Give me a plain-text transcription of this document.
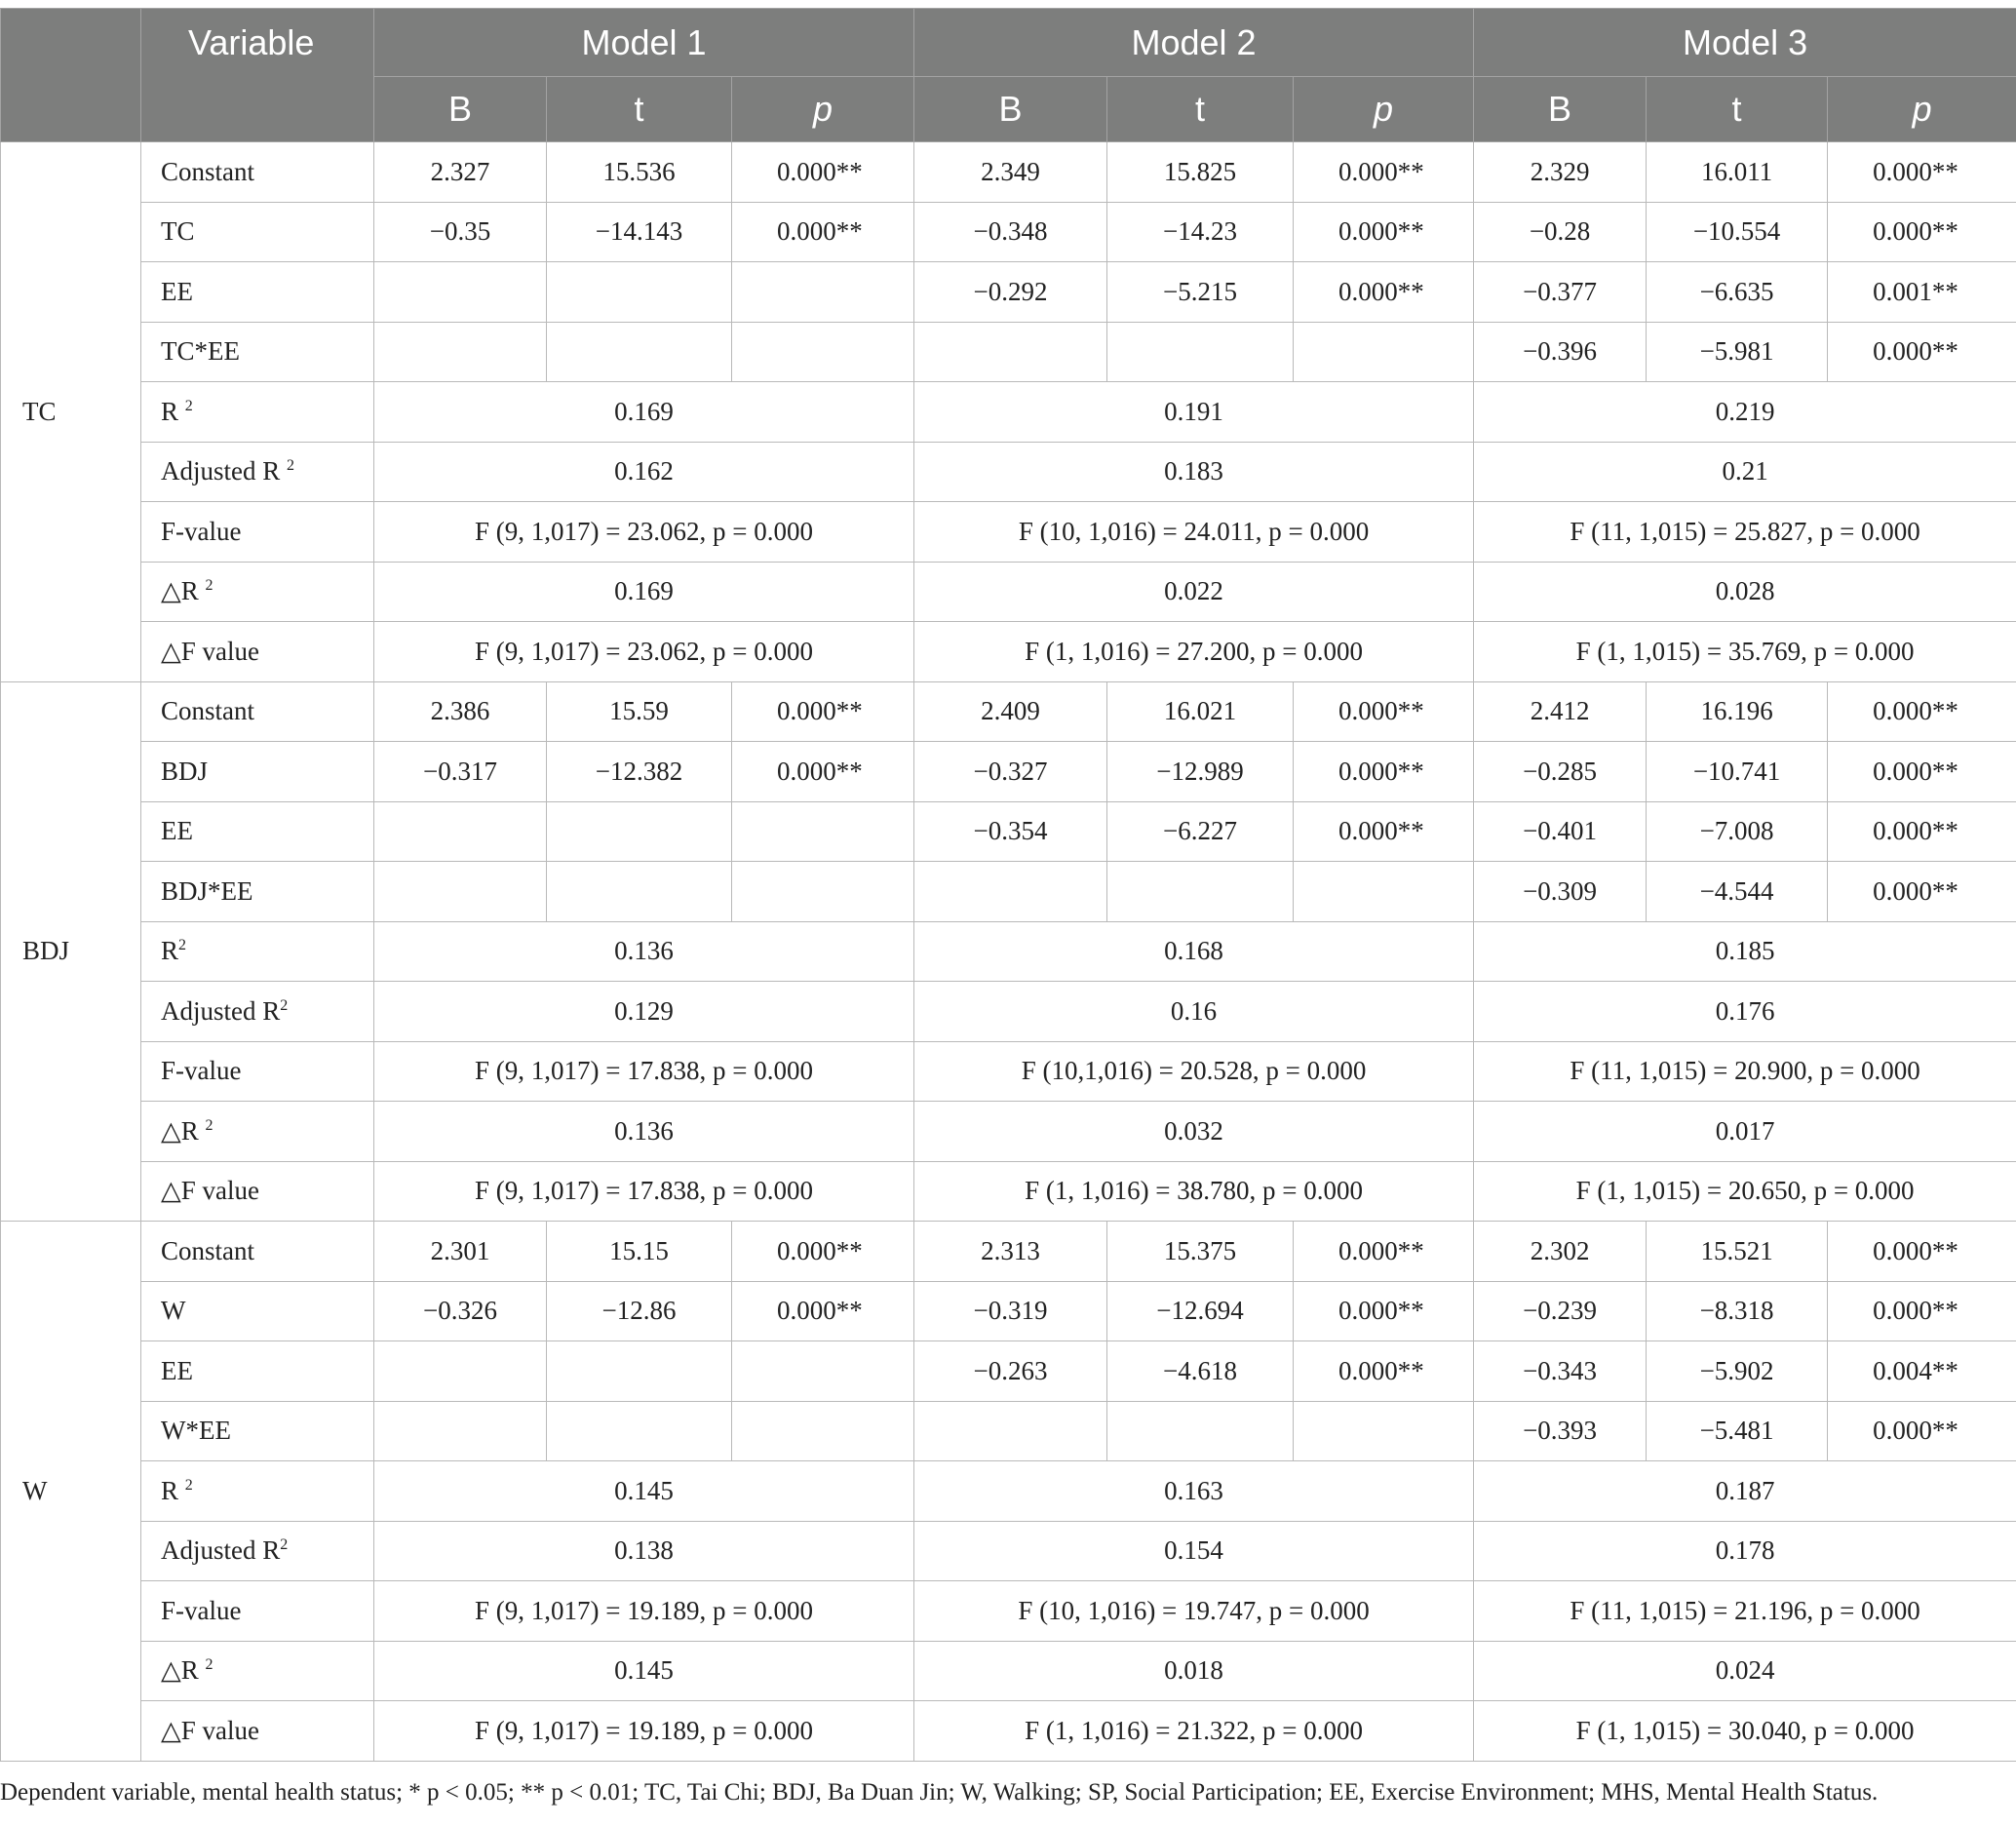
	Variable	Model 1			Model 2			Model 3		
		B	t	p	B	t	p	B	t	p
TC	Constant	2.327	15.536	0.000**	2.349	15.825	0.000**	2.329	16.011	0.000**
	TC	−0.35	−14.143	0.000**	−0.348	−14.23	0.000**	−0.28	−10.554	0.000**
	EE				−0.292	−5.215	0.000**	−0.377	−6.635	0.001**
	TC*EE							−0.396	−5.981	0.000**
	R $^2$	0.169			0.191			0.219		
	Adjusted R $^2$	0.162			0.183			0.21		
	F-value	F (9, 1,017) = 23.062, p = 0.000			F (10, 1,016) = 24.011, p = 0.000			F (11, 1,015) = 25.827, p = 0.000		
	△R $^2$	0.169			0.022			0.028		
	△F value	F (9, 1,017) = 23.062, p = 0.000			F (1, 1,016) = 27.200, p = 0.000			F (1, 1,015) = 35.769, p = 0.000		
BDJ	Constant	2.386	15.59	0.000**	2.409	16.021	0.000**	2.412	16.196	0.000**
	BDJ	−0.317	−12.382	0.000**	−0.327	−12.989	0.000**	−0.285	−10.741	0.000**
	EE				−0.354	−6.227	0.000**	−0.401	−7.008	0.000**
	BDJ*EE							−0.309	−4.544	0.000**
	$R^2$	0.136			0.168			0.185		
	Adjusted $R^2$	0.129			0.16			0.176		
	F-value	F (9, 1,017) = 17.838, p = 0.000			F (10,1,016) = 20.528, p = 0.000			F (11, 1,015) = 20.900, p = 0.000		
	△R $^2$	0.136			0.032			0.017		
	△F value	F (9, 1,017) = 17.838, p = 0.000			F (1, 1,016) = 38.780, p = 0.000			F (1, 1,015) = 20.650, p = 0.000		
W	Constant	2.301	15.15	0.000**	2.313	15.375	0.000**	2.302	15.521	0.000**
	W	−0.326	−12.86	0.000**	−0.319	−12.694	0.000**	−0.239	−8.318	0.000**
	EE				−0.263	−4.618	0.000**	−0.343	−5.902	0.004**
	W*EE							−0.393	−5.481	0.000**
	R $^2$	0.145			0.163			0.187		
	Adjusted $R^2$	0.138			0.154			0.178		
	F-value	F (9, 1,017) = 19.189, p = 0.000			F (10, 1,016) = 19.747, p = 0.000			F (11, 1,015) = 21.196, p = 0.000		
	△R $^2$	0.145			0.018			0.024		
	△F value	F (9, 1,017) = 19.189, p = 0.000			F (1, 1,016) = 21.322, p = 0.000			F (1, 1,015) = 30.040, p = 0.000		
Dependent variable, mental health status; * p < 0.05; ** p < 0.01; TC, Tai Chi; BDJ, Ba Duan Jin; W, Walking; SP, Social Participation; EE, Exercise Environment; MHS, Mental Health Status.
